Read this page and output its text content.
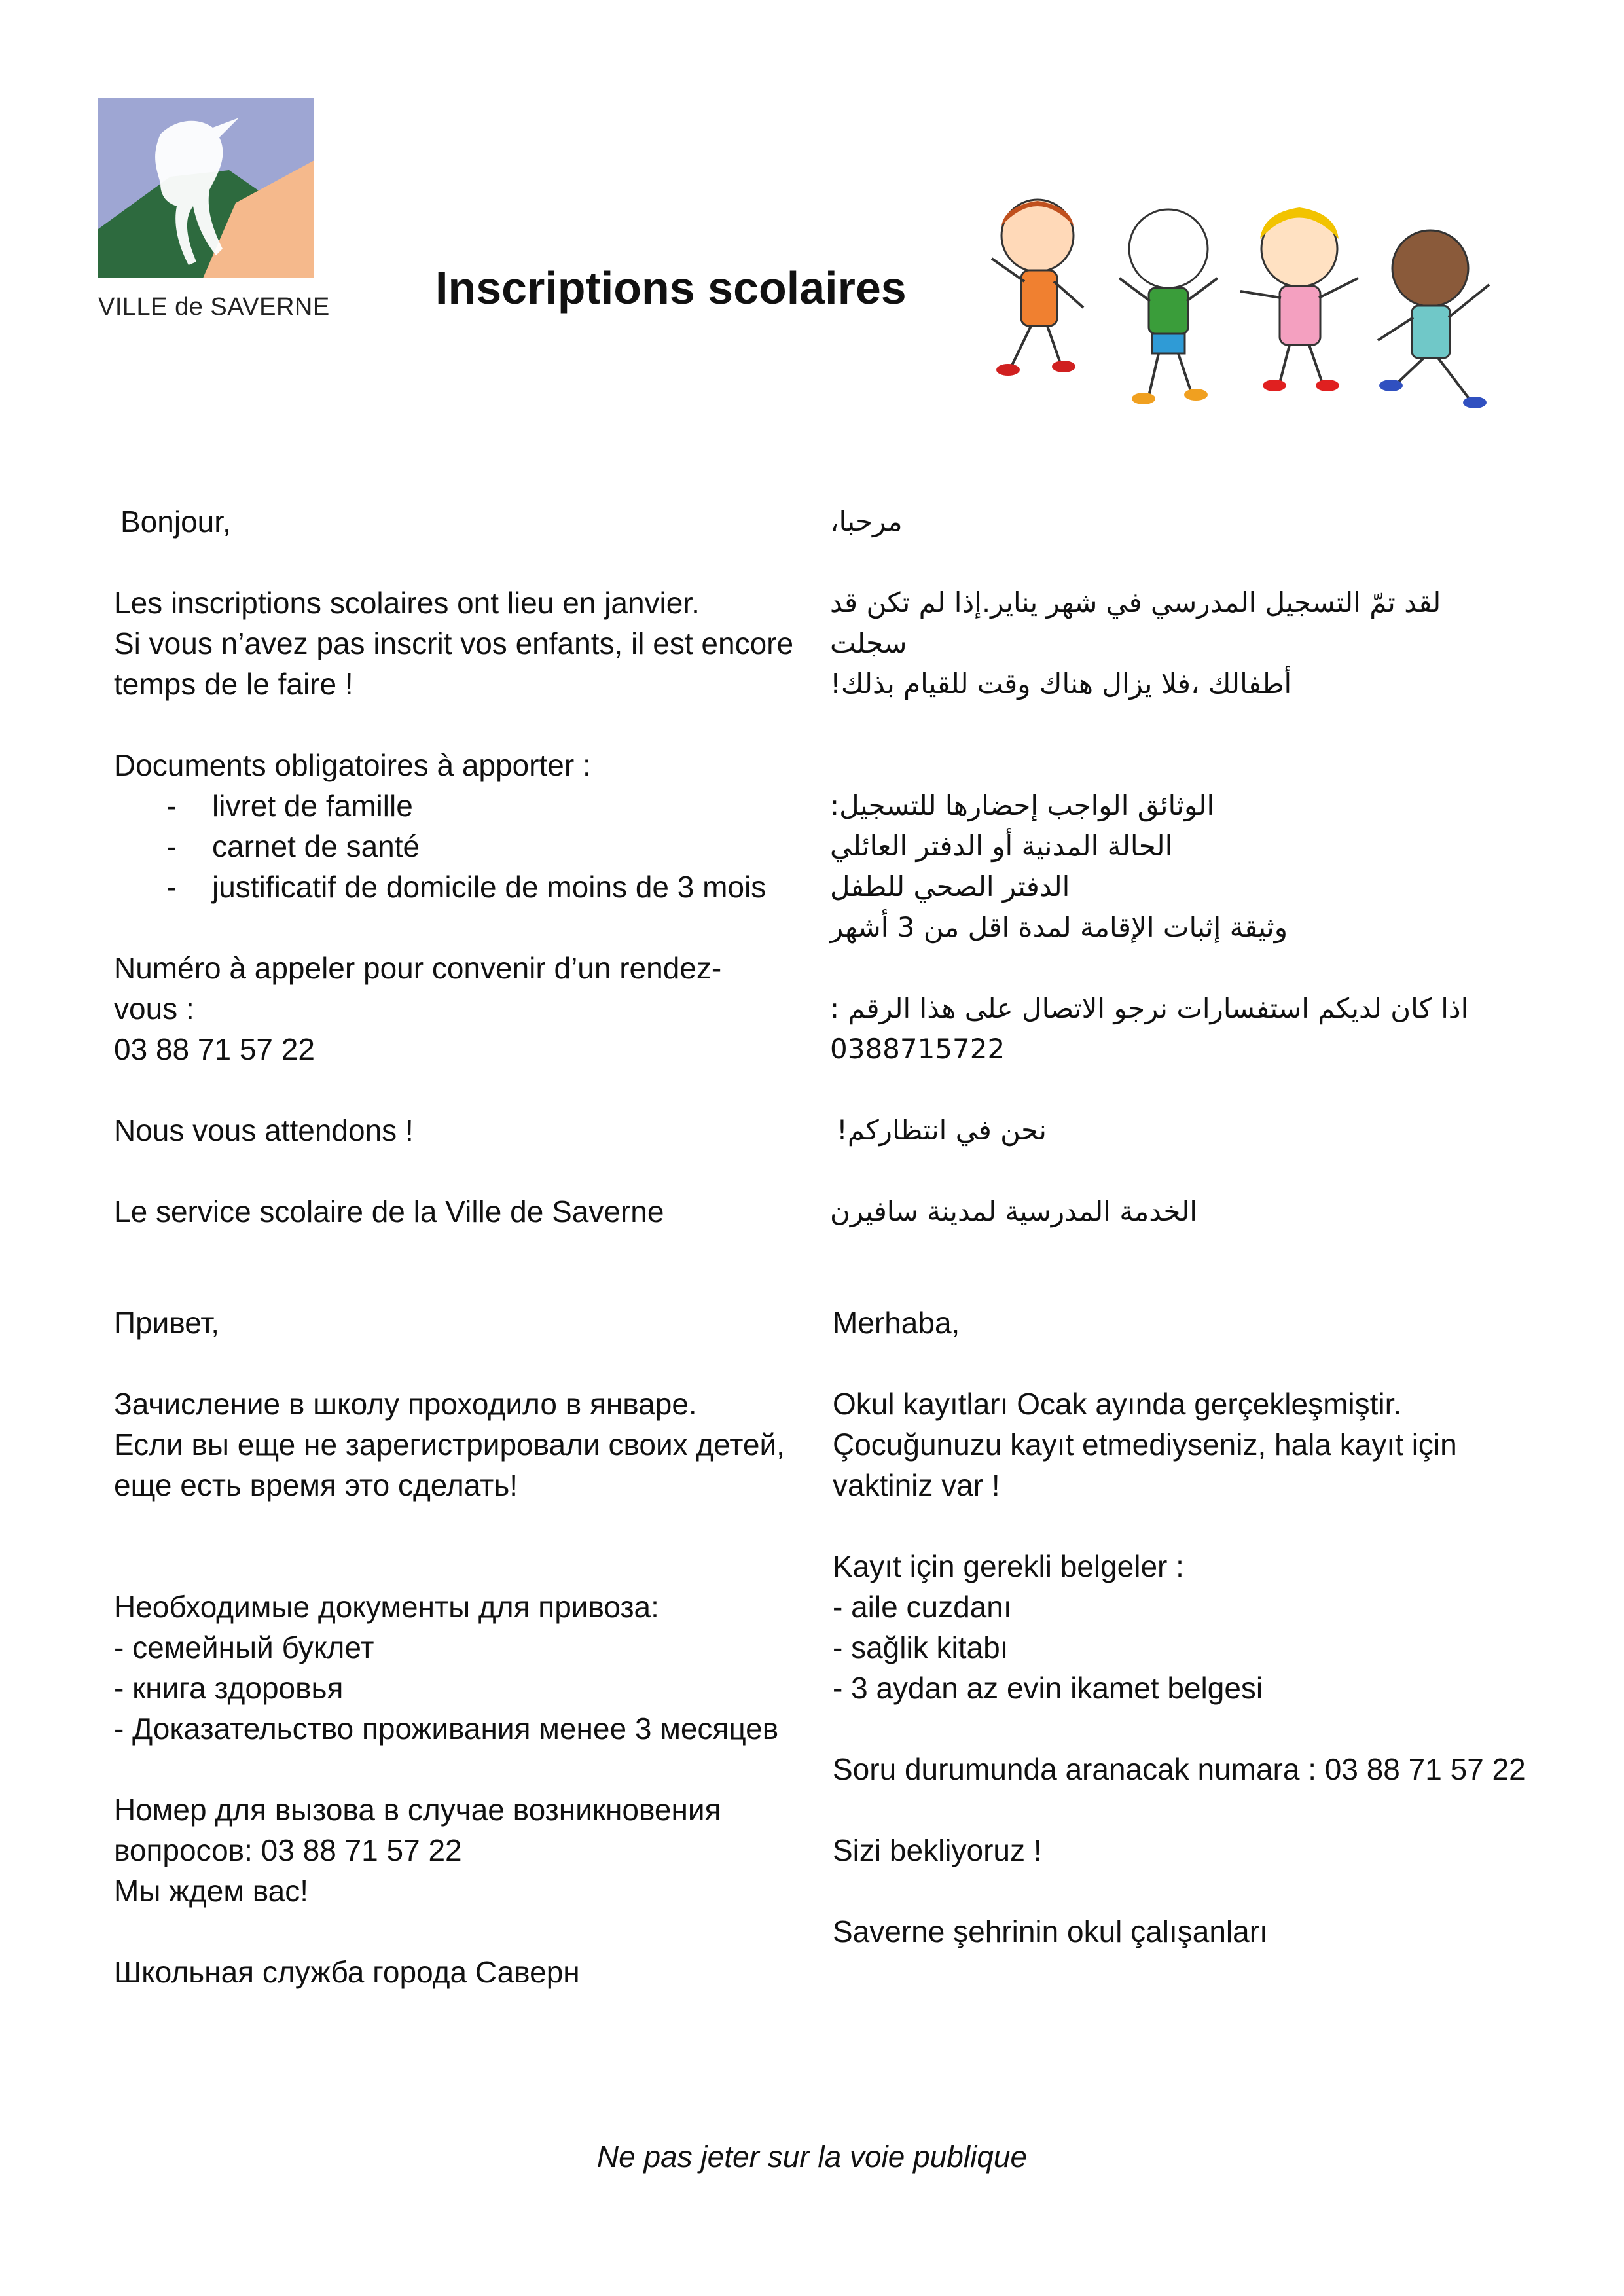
VILLE de SAVERNE Inscriptions scolaires

Bonjour,

Les inscriptions scolaires ont lieu en janvier.

Si vous n’avez pas inscrit vos enfants, il est encore

temps de le faire !

Documents obligatoires à apporter :

- livret de famille
- carnet de santé
- justificatif de domicile de moins de 3 mois

Numéro à appeler pour convenir d’un rendez-

vous :

03 88 71 57 22

Nous vous attendons !

Le service scolaire de la Ville de Saverne

مرحبا،

لقد تمّ التسجيل المدرسي في شهر يناير.إذا لم تكن قد سجلت

أطفالك ،فلا يزال هناك وقت للقيام بذلك!

الوثائق الواجب إحضارها للتسجيل:

الحالة المدنية أو الدفتر العائلي

الدفتر الصحي للطفل

وثيقة إثبات الإقامة لمدة اقل من 3 أشهر

اذا كان لديكم استفسارات نرجو الاتصال على هذا الرقم :

0388715722

نحن في انتظاركم!

الخدمة المدرسية لمدينة سافيرن

Привет,

Зачисление в школу проходило в январе.

Если вы еще не зарегистрировали своих детей,

еще есть время это сделать!

Необходимые документы для привоза:

- семейный буклет

- книга здоровья

- Доказательство проживания менее 3 месяцев

Номер для вызова в случае возникновения

вопросов: 03 88 71 57 22

Мы ждем вас!

Школьная служба города Саверн

Merhaba,

Okul kayıtları Ocak ayında gerçekleşmiştir.

Çocuğunuzu kayıt etmediyseniz, hala kayıt için

vaktiniz var !

Kayıt için gerekli belgeler :

- aile cuzdanı

- sağlik kitabı

- 3 aydan az evin ikamet belgesi

Soru durumunda aranacak numara : 03 88 71 57 22

Sizi bekliyoruz !

Saverne şehrinin okul çalışanları

Ne pas jeter sur la voie publique
